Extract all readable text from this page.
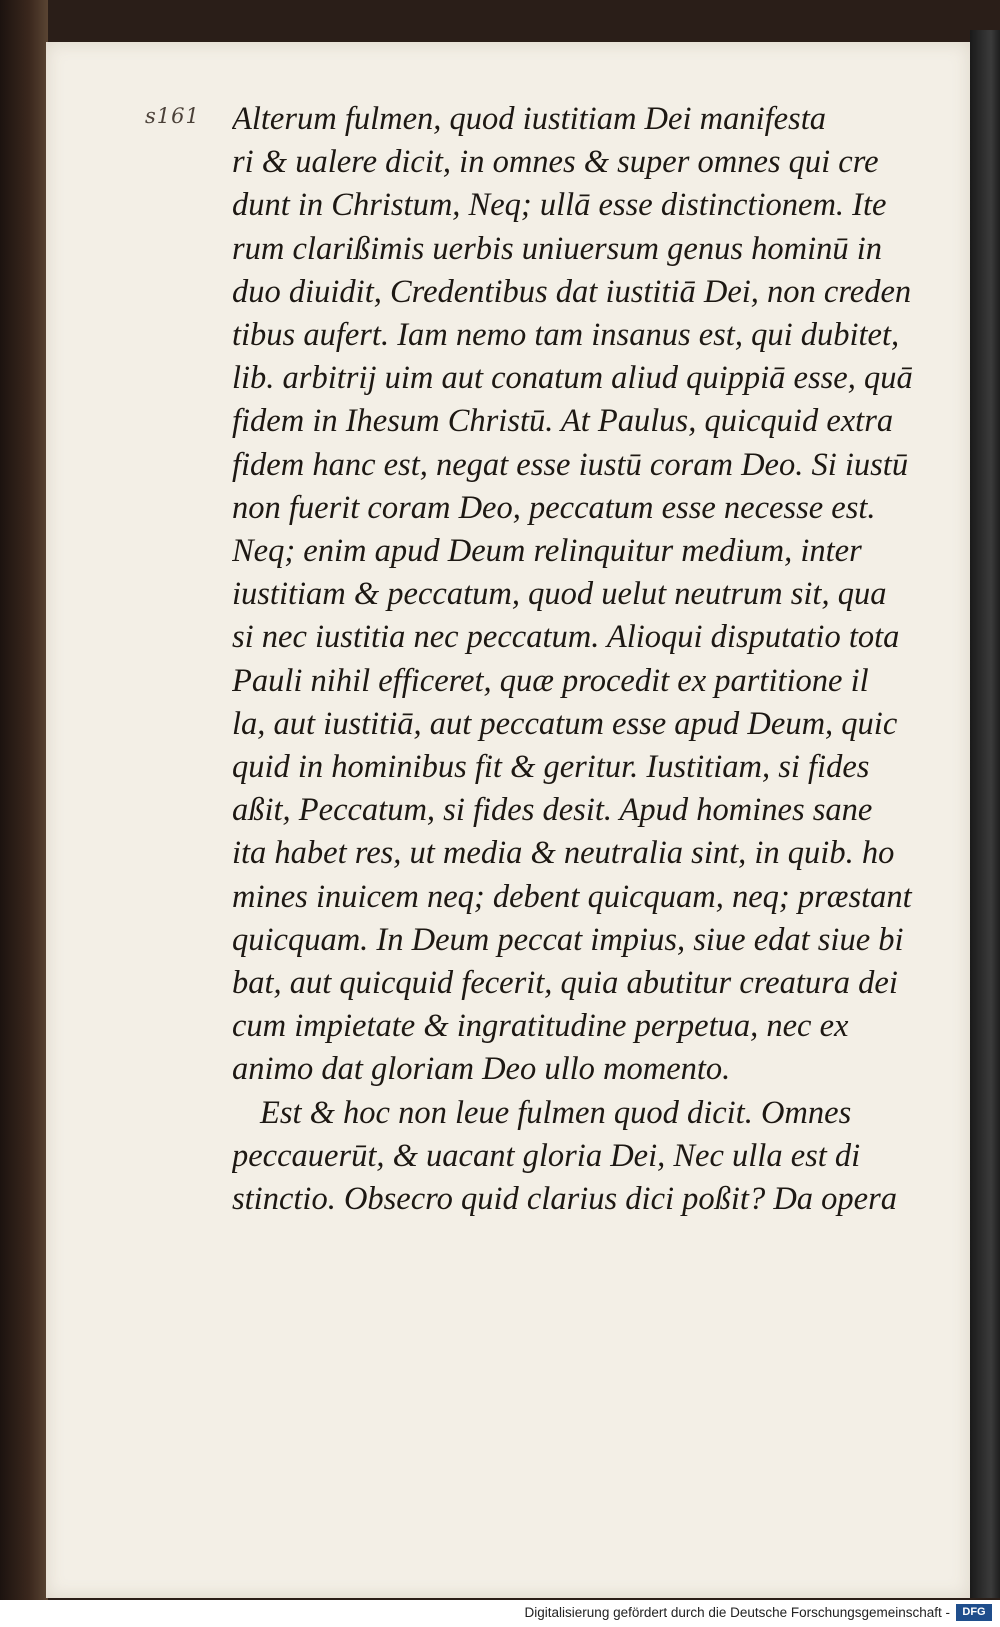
s161 Alterum fulmen, quod iustitiam Dei manifesta
ri & ualere dicit, in omnes & super omnes qui cre
dunt in Christum, Neq; ullā esse distinctionem. Ite
rum clarißimis uerbis uniuersum genus hominū in
duo diuidit, Credentibus dat iustitiā Dei, non creden
tibus aufert. Iam nemo tam insanus est, qui dubitet,
lib. arbitrij uim aut conatum aliud quippiā esse, quā
fidem in Ihesum Christū. At Paulus, quicquid extra
fidem hanc est, negat esse iustū coram Deo. Si iustū
non fuerit coram Deo, peccatum esse necesse est.
Neq; enim apud Deum relinquitur medium, inter
iustitiam & peccatum, quod uelut neutrum sit, qua
si nec iustitia nec peccatum. Alioqui disputatio tota
Pauli nihil efficeret, quæ procedit ex partitione il
la, aut iustitiā, aut peccatum esse apud Deum, quic
quid in hominibus fit & geritur. Iustitiam, si fides
aßit, Peccatum, si fides desit. Apud homines sane
ita habet res, ut media & neutralia sint, in quib. ho
mines inuicem neq; debent quicquam, neq; præstant
quicquam. In Deum peccat impius, siue edat siue bi
bat, aut quicquid fecerit, quia abutitur creatura dei
cum impietate & ingratitudine perpetua, nec ex
animo dat gloriam Deo ullo momento.
Est & hoc non leue fulmen quod dicit. Omnes
peccauerūt, & uacant gloria Dei, Nec ulla est di
stinctio. Obsecro quid clarius dici poßit? Da opera
Digitalisierung gefördert durch die Deutsche Forschungsgemeinschaft -	DFG
